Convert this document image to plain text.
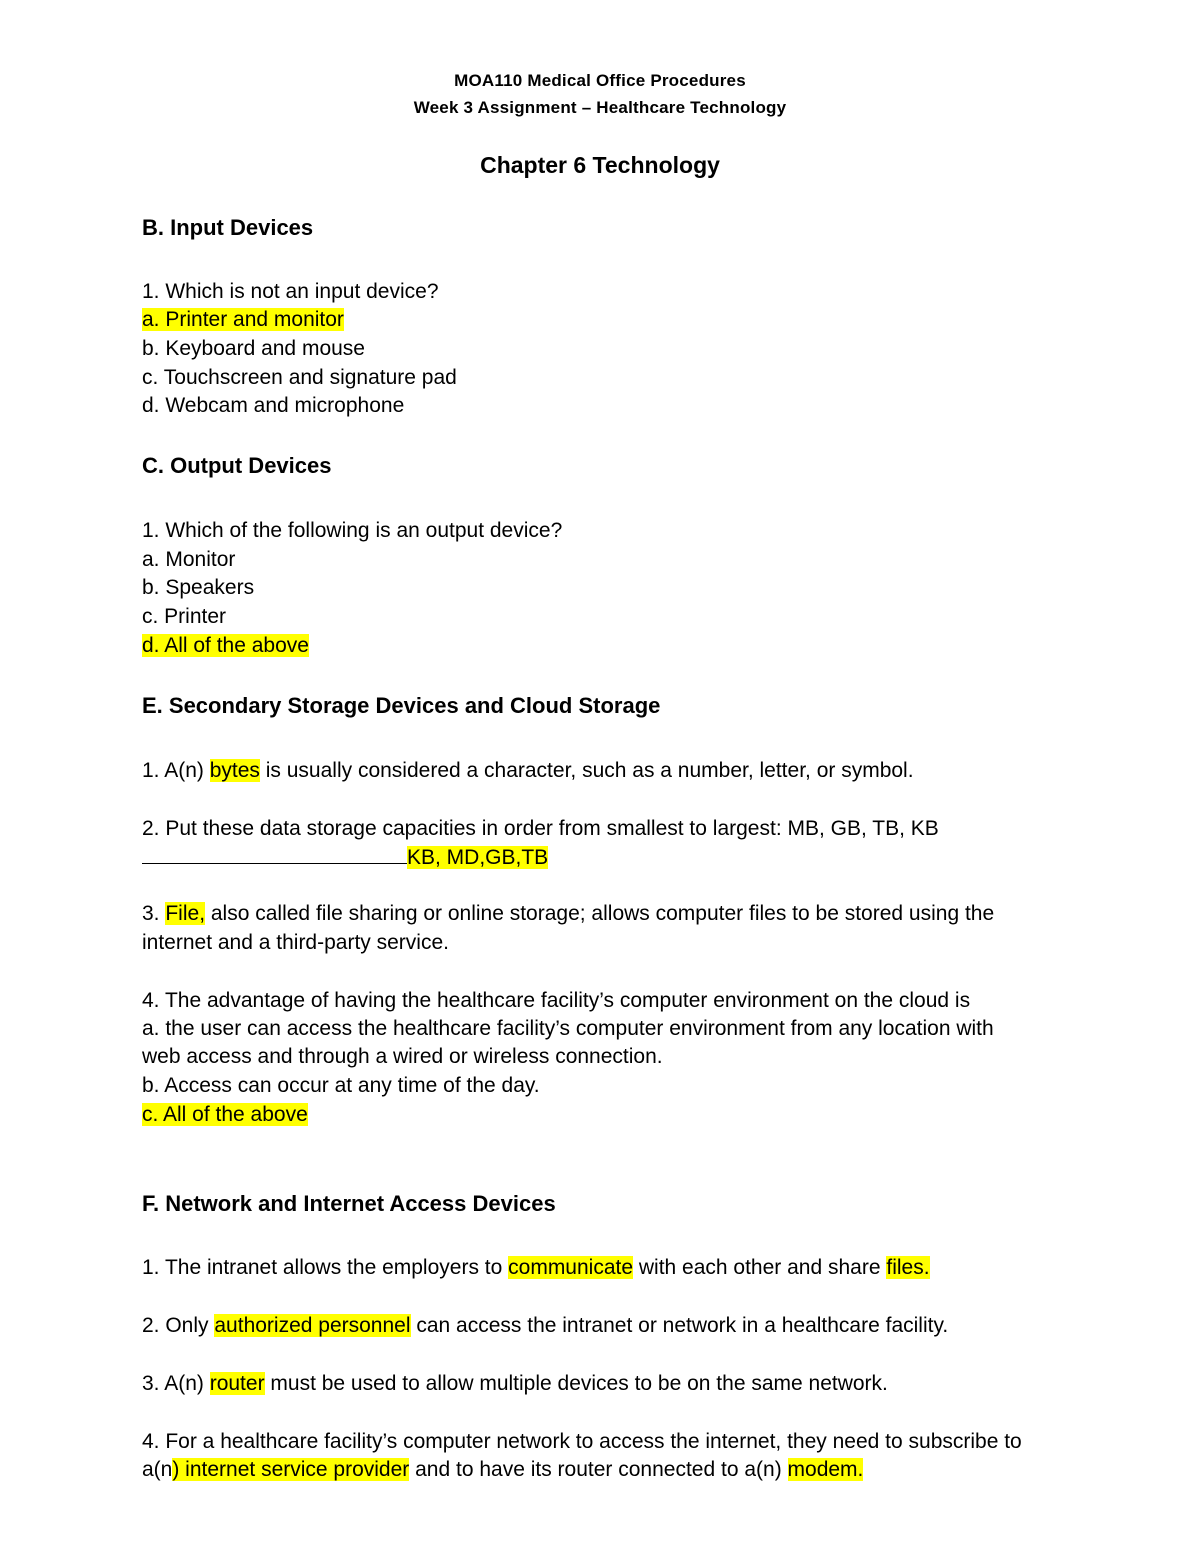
MOA110 Medical Office Procedures
Week 3 Assignment – Healthcare Technology
Chapter 6 Technology
B. Input Devices
1. Which is not an input device?
a. Printer and monitor
b. Keyboard and mouse
c. Touchscreen and signature pad
d. Webcam and microphone
C. Output Devices
1. Which of the following is an output device?
a. Monitor
b. Speakers
c. Printer
d. All of the above
E. Secondary Storage Devices and Cloud Storage
1. A(n) bytes is usually considered a character, such as a number, letter, or symbol.
2. Put these data storage capacities in order from smallest to largest: MB, GB, TB, KB
KB, MD,GB,TB
3. File, also called file sharing or online storage; allows computer files to be stored using the
internet and a third-party service.
4. The advantage of having the healthcare facility’s computer environment on the cloud is
a. the user can access the healthcare facility’s computer environment from any location with
web access and through a wired or wireless connection.
b. Access can occur at any time of the day.
c. All of the above
F. Network and Internet Access Devices
1. The intranet allows the employers to communicate with each other and share files.
2. Only authorized personnel can access the intranet or network in a healthcare facility.
3. A(n) router must be used to allow multiple devices to be on the same network.
4. For a healthcare facility’s computer network to access the internet, they need to subscribe to
a(n) internet service provider and to have its router connected to a(n) modem.
